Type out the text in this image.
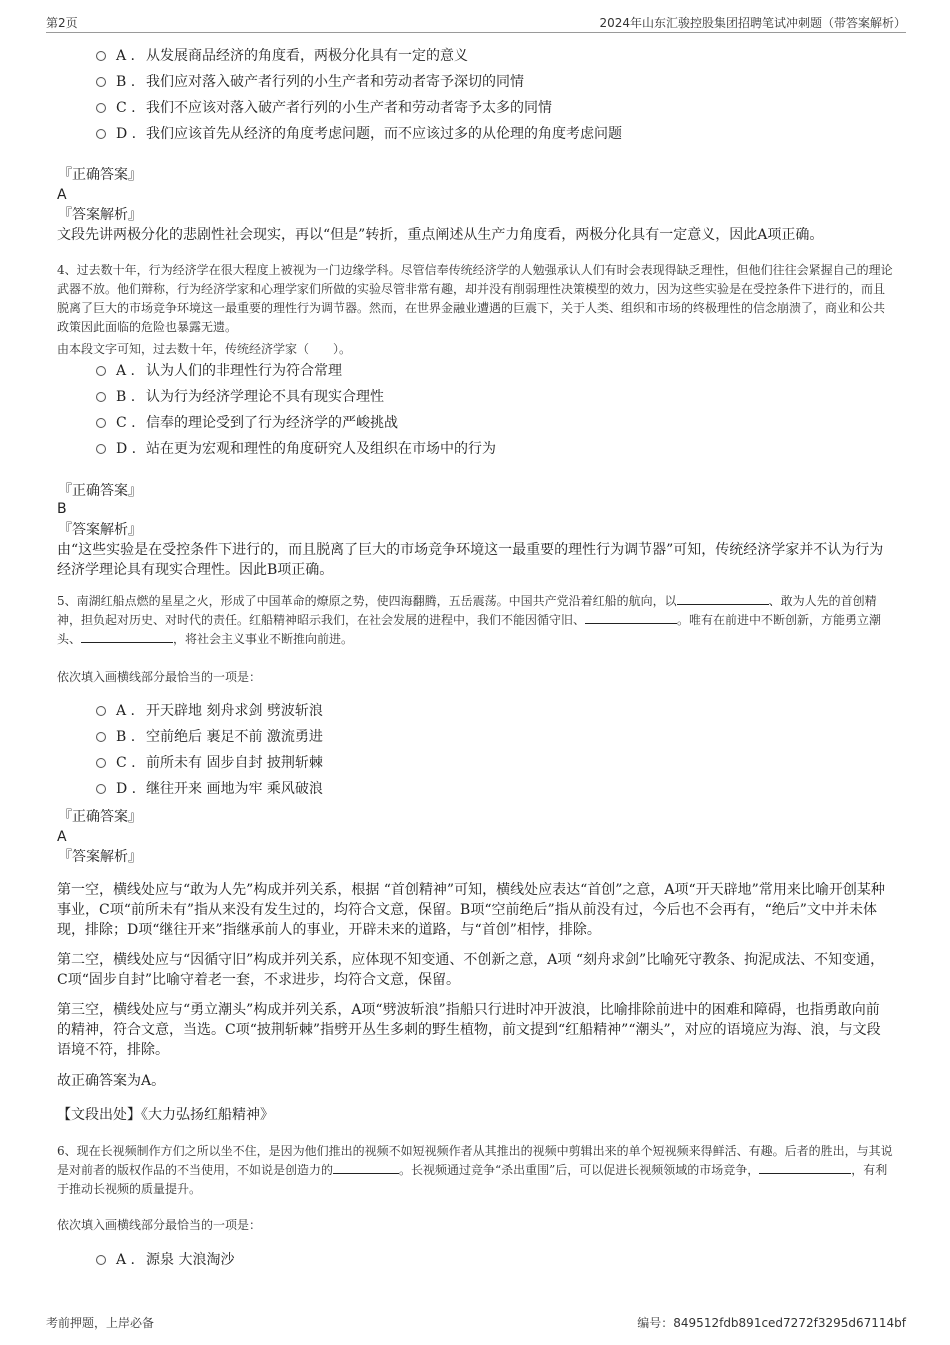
第2页	2024年山东汇骏控股集团招聘笔试冲刺题（带答案解析）
A . 从发展商品经济的角度看，两极分化具有一定的意义
B . 我们应对落入破产者行列的小生产者和劳动者寄予深切的同情
C . 我们不应该对落入破产者行列的小生产者和劳动者寄予太多的同情
D . 我们应该首先从经济的角度考虑问题，而不应该过多的从伦理的角度考虑问题
『正确答案』
A
『答案解析』
文段先讲两极分化的悲剧性社会现实，再以“但是”转折，重点阐述从生产力角度看，两极分化具有一定意义，因此A项正确。
4、过去数十年，行为经济学在很大程度上被视为一门边缘学科。尽管信奉传统经济学的人勉强承认人们有时会表现得缺乏理性，但他们往往会紧握自己的理论武器不放。他们辩称，行为经济学家和心理学家们所做的实验尽管非常有趣，却并没有削弱理性决策模型的效力，因为这些实验是在受控条件下进行的，而且脱离了巨大的市场竞争环境这一最重要的理性行为调节器。然而，在世界金融业遭遇的巨震下，关于人类、组织和市场的终极理性的信念崩溃了，商业和公共政策因此面临的危险也暴露无遗。
由本段文字可知，过去数十年，传统经济学家（　　）。
A . 认为人们的非理性行为符合常理
B . 认为行为经济学理论不具有现实合理性
C . 信奉的理论受到了行为经济学的严峻挑战
D . 站在更为宏观和理性的角度研究人及组织在市场中的行为
『正确答案』
B
『答案解析』
由“这些实验是在受控条件下进行的，而且脱离了巨大的市场竞争环境这一最重要的理性行为调节器”可知，传统经济学家并不认为行为经济学理论具有现实合理性。因此B项正确。
5、南湖红船点燃的星星之火，形成了中国革命的燎原之势，使四海翻腾，五岳震荡。中国共产党沿着红船的航向，以	、敢为人先的首创精神，担负起对历史、对时代的责任。红船精神昭示我们，在社会发展的进程中，我们不能因循守旧、	。唯有在前进中不断创新，方能勇立潮头、	，将社会主义事业不断推向前进。
依次填入画横线部分最恰当的一项是：
A . 开天辟地 刻舟求剑 劈波斩浪
B . 空前绝后 裹足不前 激流勇进
C . 前所未有 固步自封 披荆斩棘
D . 继往开来 画地为牢 乘风破浪
『正确答案』
A
『答案解析』
第一空，横线处应与“敢为人先”构成并列关系，根据 “首创精神”可知，横线处应表达“首创”之意，A项“开天辟地”常用来比喻开创某种事业，C项“前所未有”指从来没有发生过的，均符合文意，保留。B项“空前绝后”指从前没有过，今后也不会再有，“绝后”文中并未体现，排除；D项“继往开来”指继承前人的事业，开辟未来的道路，与“首创”相悖，排除。
第二空，横线处应与“因循守旧”构成并列关系，应体现不知变通、不创新之意，A项 “刻舟求剑”比喻死守教条、拘泥成法、不知变通，C项“固步自封”比喻守着老一套，不求进步，均符合文意，保留。
第三空，横线处应与“勇立潮头”构成并列关系，A项“劈波斩浪”指船只行进时冲开波浪，比喻排除前进中的困难和障碍，也指勇敢向前的精神，符合文意，当选。C项“披荆斩棘”指劈开丛生多刺的野生植物，前文提到“红船精神”“潮头”，对应的语境应为海、浪，与文段语境不符，排除。
故正确答案为A。
【文段出处】《大力弘扬红船精神》
6、现在长视频制作方们之所以坐不住，是因为他们推出的视频不如短视频作者从其推出的视频中剪辑出来的单个短视频来得鲜活、有趣。后者的胜出，与其说是对前者的版权作品的不当使用，不如说是创造力的	。长视频通过竞争“杀出重围”后，可以促进长视频领域的市场竞争，	，有利于推动长视频的质量提升。
依次填入画横线部分最恰当的一项是：
A . 源泉 大浪淘沙
考前押题，上岸必备	编号：849512fdb891ced7272f3295d67114bf
